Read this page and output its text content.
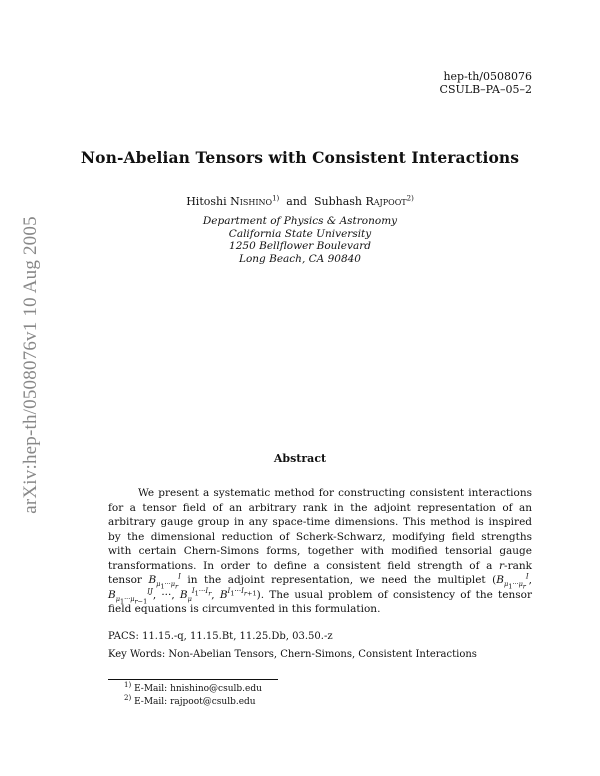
hep-th/0508076
CSULB–PA–05–2
arXiv:hep-th/0508076v1 10 Aug 2005
Non-Abelian Tensors with Consistent Interactions
Hitoshi Nishino$^{1)}$ and Subhash Rajpoot$^{2)}$
Department of Physics & Astronomy
California State University
1250 Bellflower Boulevard
Long Beach, CA 90840
Abstract
We present a systematic method for constructing consistent interactions for a tensor field of an arbitrary rank in the adjoint representation of an arbitrary gauge group in any space-time dimensions. This method is inspired by the dimensional reduction of Scherk-Schwarz, modifying field strengths with certain Chern-Simons forms, together with modified tensorial gauge transformations. In order to define a consistent field strength of a r-rank tensor $B_{\mu_1\cdot\cdot\cdot\mu_r}^I$ in the adjoint representation, we need the multiplet ($B_{\mu_1\cdot\cdot\cdot\mu_r}^I$, $B_{\mu_1\cdot\cdot\cdot\mu_{r-1}}^{IJ}$, ···, $B_\mu^{I_1\cdot\cdot\cdot I_r}$, $B^{I_1\cdot\cdot\cdot I_{r+1}}$). The usual problem of consistency of the tensor field equations is circumvented in this formulation.
PACS: 11.15.-q, 11.15.Bt, 11.25.Db, 03.50.-z
Key Words: Non-Abelian Tensors, Chern-Simons, Consistent Interactions
$^{1)}$ E-Mail: hnishino@csulb.edu
$^{2)}$ E-Mail: rajpoot@csulb.edu
